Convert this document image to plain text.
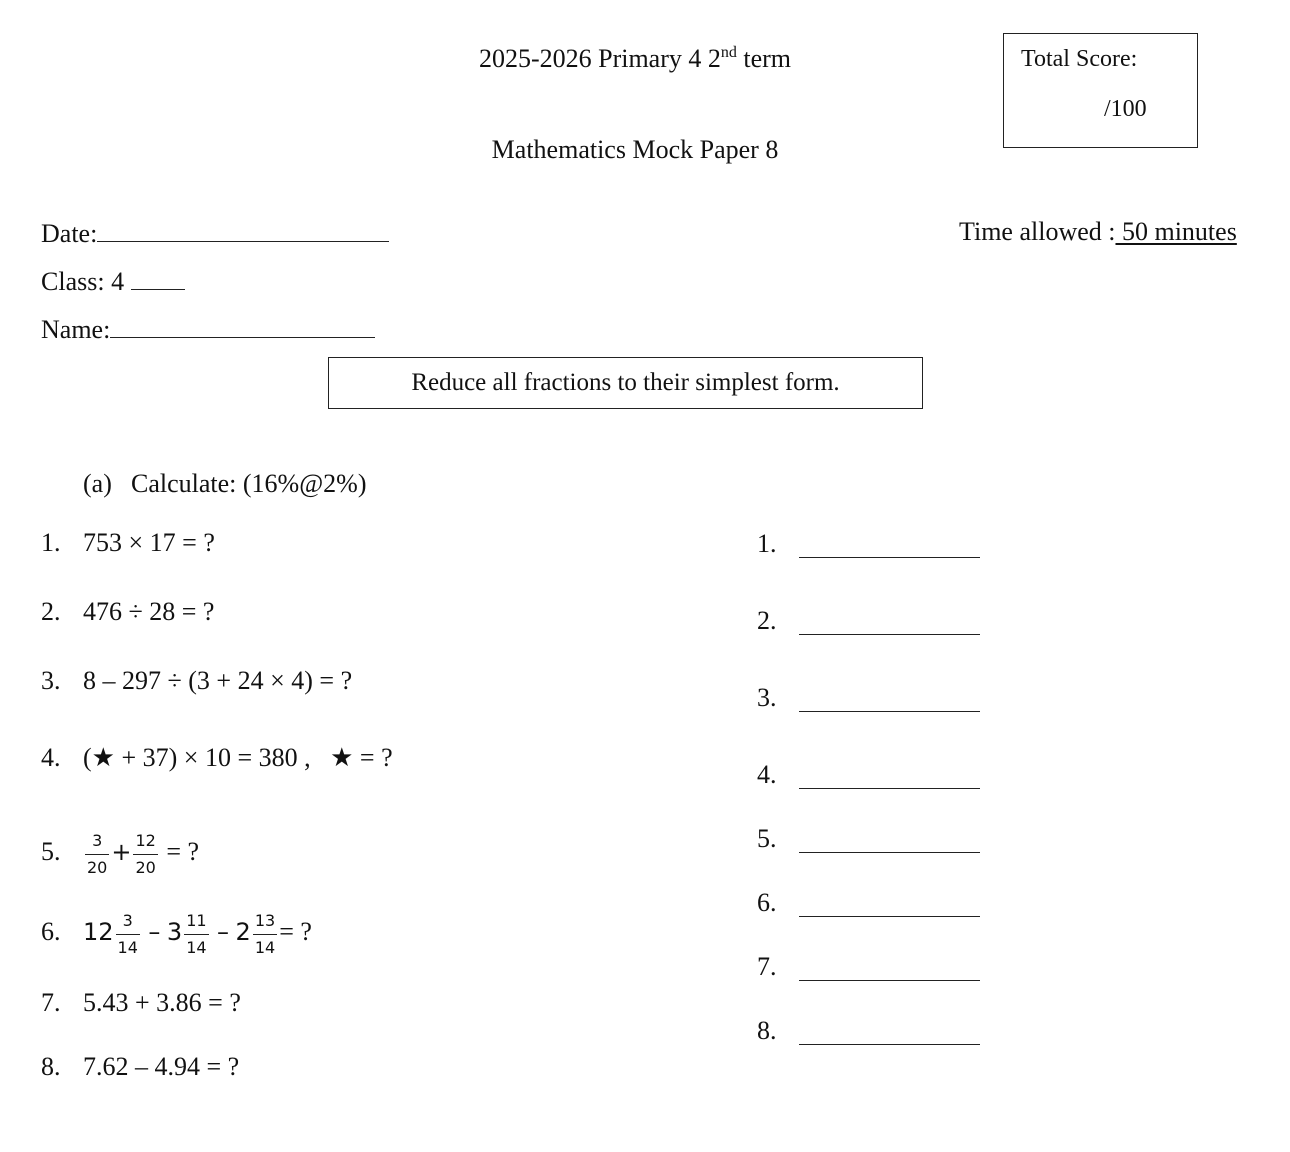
2025-2026 Primary 4 2nd term
Mathematics Mock Paper 8
Total Score:
/100
Date:	Time allowed : 50 minutes
Class: 4
Name:
Reduce all fractions to their simplest form.
(a) Calculate: (16%@2%)
1. 753 × 17 = ?
2. 476 ÷ 28 = ?
3. 8 – 297 ÷ (3 + 24 × 4) = ?
4. (★ + 37) × 10 = 380 ,   ★ = ?
5. $\frac{3}{20} + \frac{12}{20}$ = ?
6. $12 \frac{3}{14} - 3 \frac{11}{14} - 2 \frac{13}{14}$ = ?
7. 5.43 + 3.86 = ?
8. 7.62 – 4.94 = ?
1.
2.
3.
4.
5.
6.
7.
8.
